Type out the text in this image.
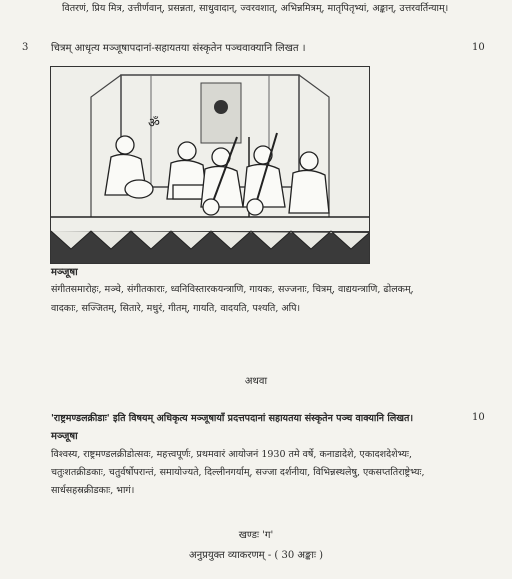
वितरणं, प्रिय मित्र, उत्तीर्णवान्, प्रसन्नता, साधुवादान्, ज्वरवशात्, अभिन्नमित्रम्, मातृपितृभ्यां, अङ्कान्, उत्तरवर्तिन्याम्।
3 चित्रम् आधृत्य मञ्जूषापदानां-सहायतया संस्कृतेन पञ्चवाक्यानि लिखत ।	10
ॐ
मञ्जूषा
संगीतसमारोहः, मञ्चे, संगीतकाराः, ध्वनिविस्तारकयन्त्राणि, गायकः, सज्जनाः, चित्रम्, वाद्ययन्त्राणि, ढोलकम्,
वादकाः, सज्जितम्, सितारे, मधुरं, गीतम्, गायति, वादयति, पश्यति, अपि।
अथवा
'राष्ट्रमण्डलक्रीडाः' इति विषयम् अधिकृत्य मञ्जूषायाँ प्रदत्तपदानां सहायतया संस्कृतेन पञ्च वाक्यानि लिखत।	10
मञ्जूषा
विश्वस्य, राष्ट्रमण्डलक्रीडोत्सवः, महत्त्वपूर्णः, प्रथमवारं आयोजनं 1930 तमे वर्षे, कनाडादेशे, एकादशदेशेभ्यः,
चतुःशतक्रीडकाः, चतुर्वर्षोपरान्तं, समायोज्यते, दिल्लीनगर्याम्, सज्जा दर्शनीया, विभिन्नस्थलेषु, एकसप्ततिराष्ट्रेभ्यः,
सार्धसहस्रक्रीडकाः, भागं।
खण्डः 'ग'
अनुप्रयुक्त व्याकरणम् - ( 30 अङ्काः )
